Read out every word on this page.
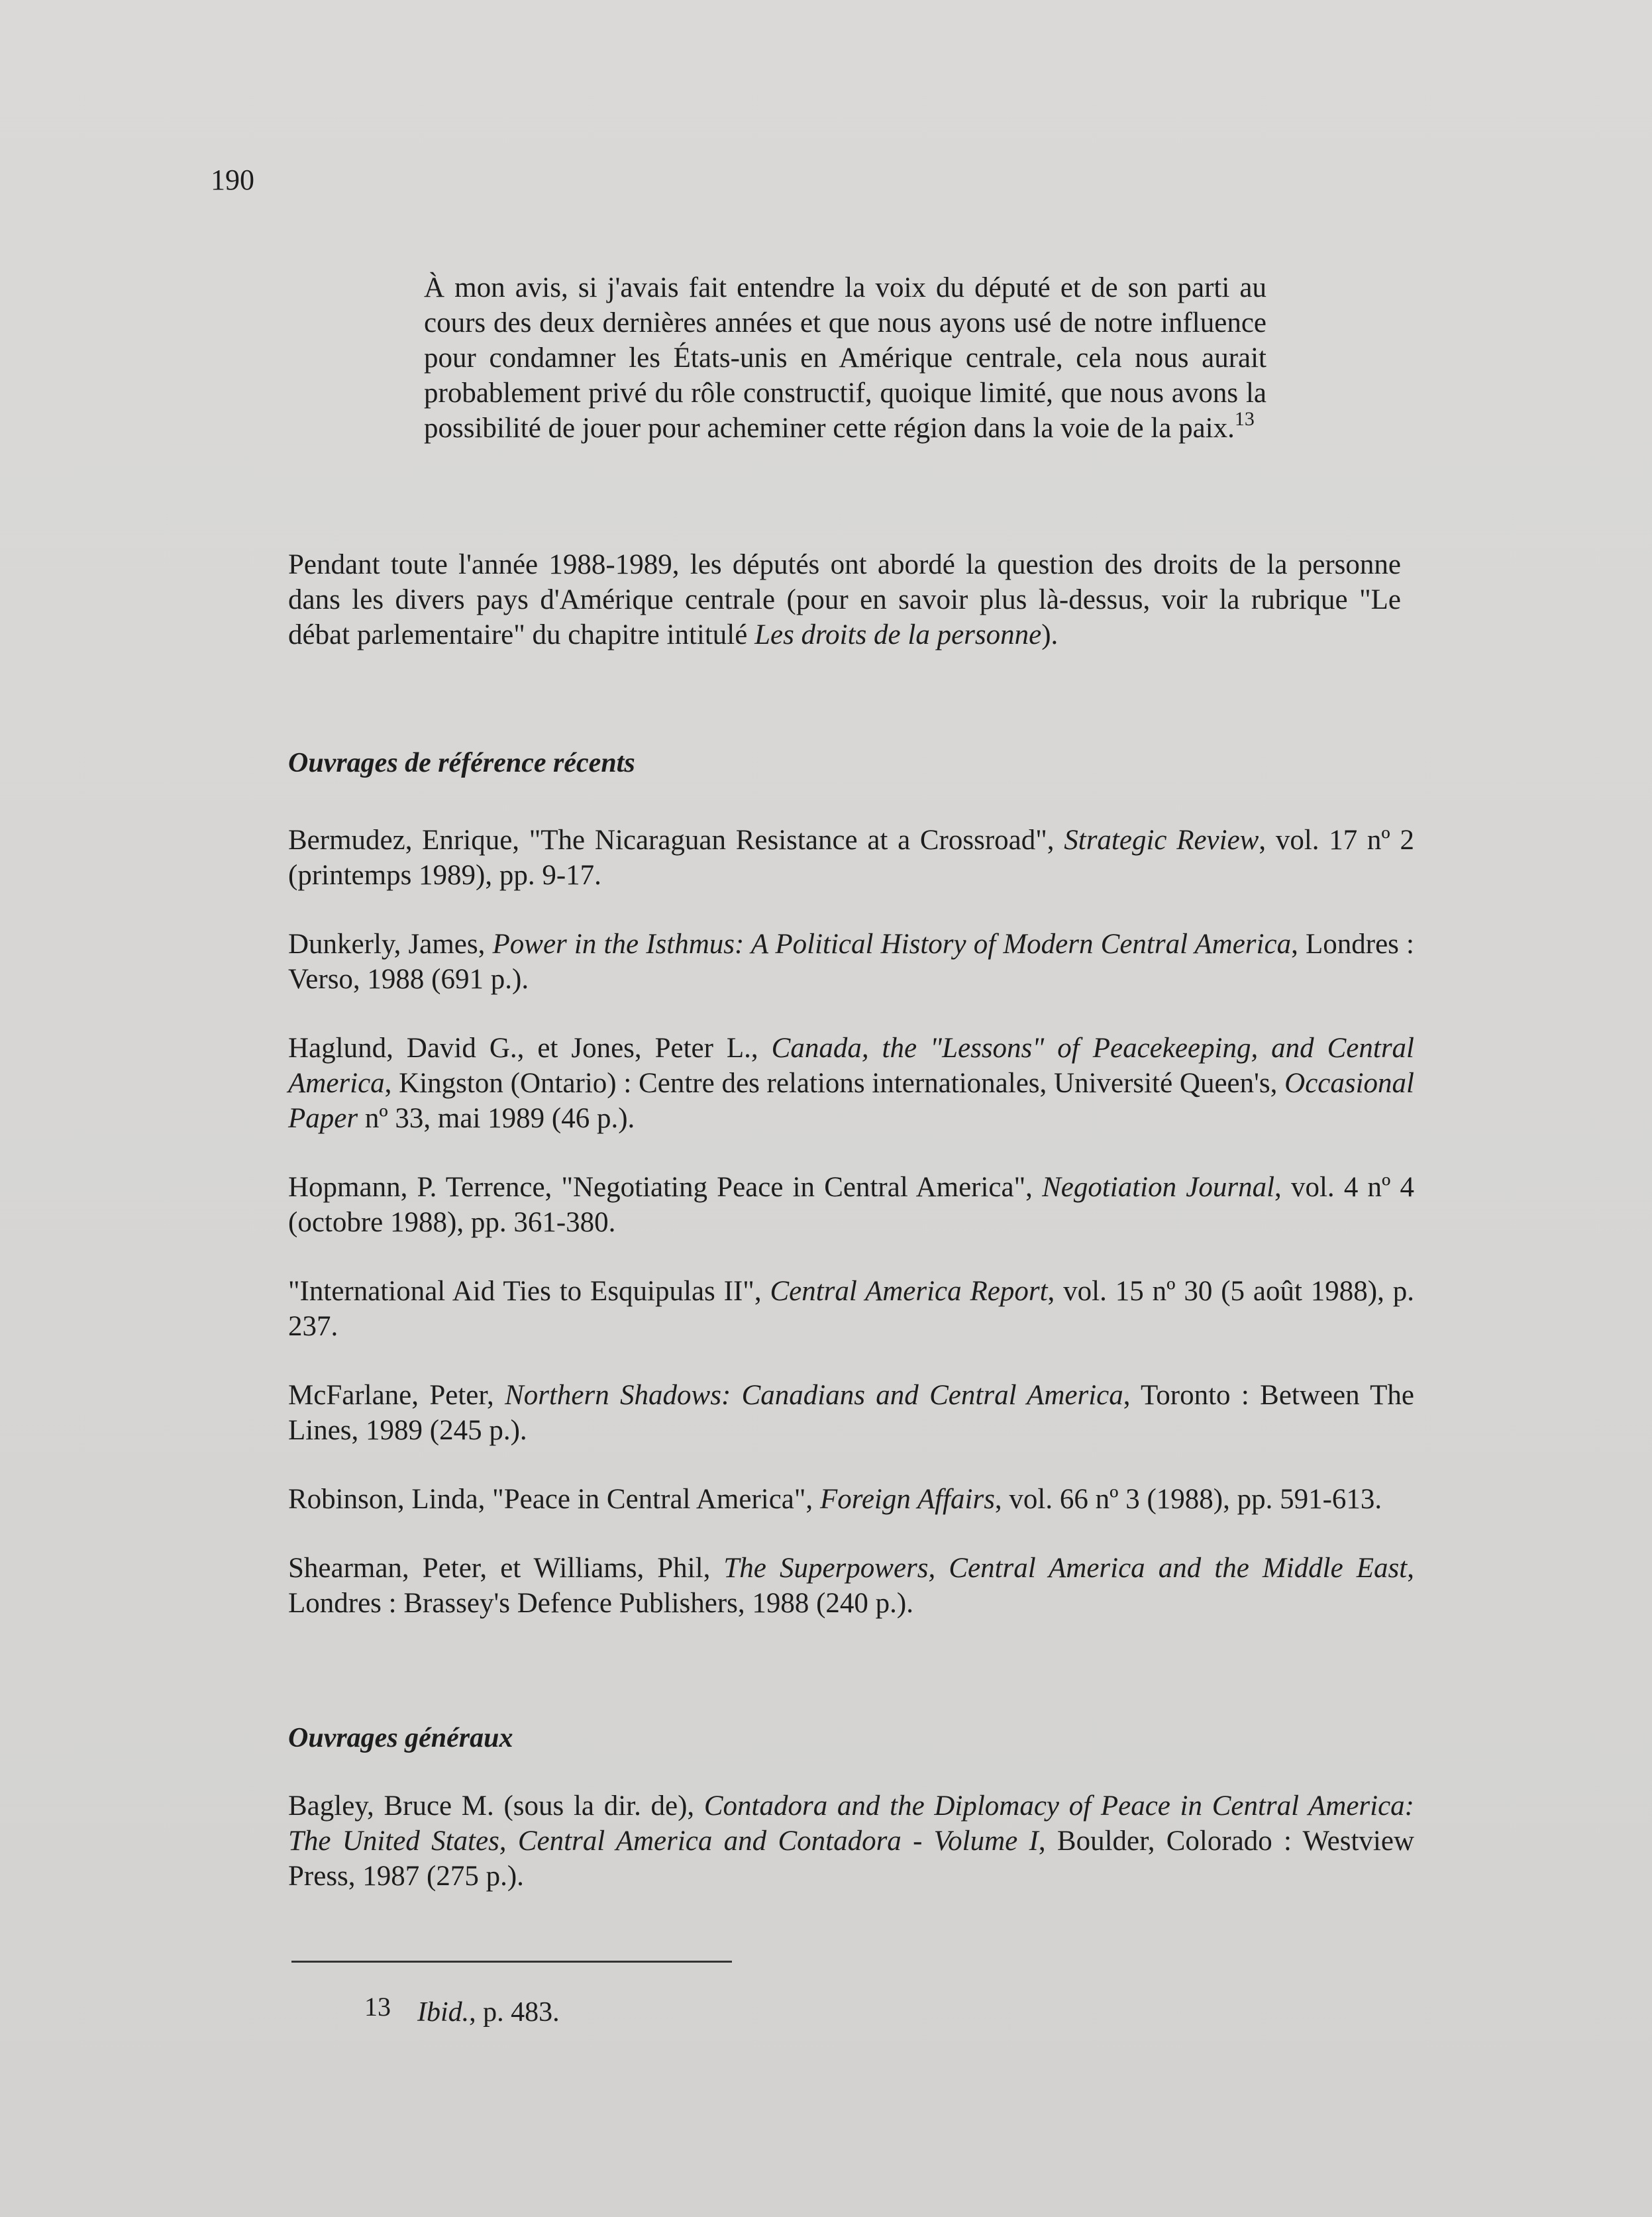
190
À mon avis, si j'avais fait entendre la voix du député et de son parti au cours des deux dernières années et que nous ayons usé de notre influence pour condamner les États-unis en Amérique centrale, cela nous aurait probablement privé du rôle constructif, quoique limité, que nous avons la possibilité de jouer pour acheminer cette région dans la voie de la paix.$^{13}$
Pendant toute l'année 1988-1989, les députés ont abordé la question des droits de la personne dans les divers pays d'Amérique centrale (pour en savoir plus là-dessus, voir la rubrique "Le débat parlementaire" du chapitre intitulé Les droits de la personne).
Ouvrages de référence récents

Bermudez, Enrique, "The Nicaraguan Resistance at a Crossroad", Strategic Review, vol. 17 nº 2 (printemps 1989), pp. 9-17.

Dunkerly, James, Power in the Isthmus: A Political History of Modern Central America, Londres : Verso, 1988 (691 p.).

Haglund, David G., et Jones, Peter L., Canada, the "Lessons" of Peacekeeping, and Central America, Kingston (Ontario) : Centre des relations internationales, Université Queen's, Occasional Paper nº 33, mai 1989 (46 p.).

Hopmann, P. Terrence, "Negotiating Peace in Central America", Negotiation Journal, vol. 4 nº 4 (octobre 1988), pp. 361-380.

"International Aid Ties to Esquipulas II", Central America Report, vol. 15 nº 30 (5 août 1988), p. 237.

McFarlane, Peter, Northern Shadows: Canadians and Central America, Toronto : Between The Lines, 1989 (245 p.).

Robinson, Linda, "Peace in Central America", Foreign Affairs, vol. 66 nº 3 (1988), pp. 591-613.

Shearman, Peter, et Williams, Phil, The Superpowers, Central America and the Middle East, Londres : Brassey's Defence Publishers, 1988 (240 p.).

Ouvrages généraux

Bagley, Bruce M. (sous la dir. de), Contadora and the Diplomacy of Peace in Central America: The United States, Central America and Contadora - Volume I, Boulder, Colorado : Westview Press, 1987 (275 p.).

13 Ibid., p. 483.
